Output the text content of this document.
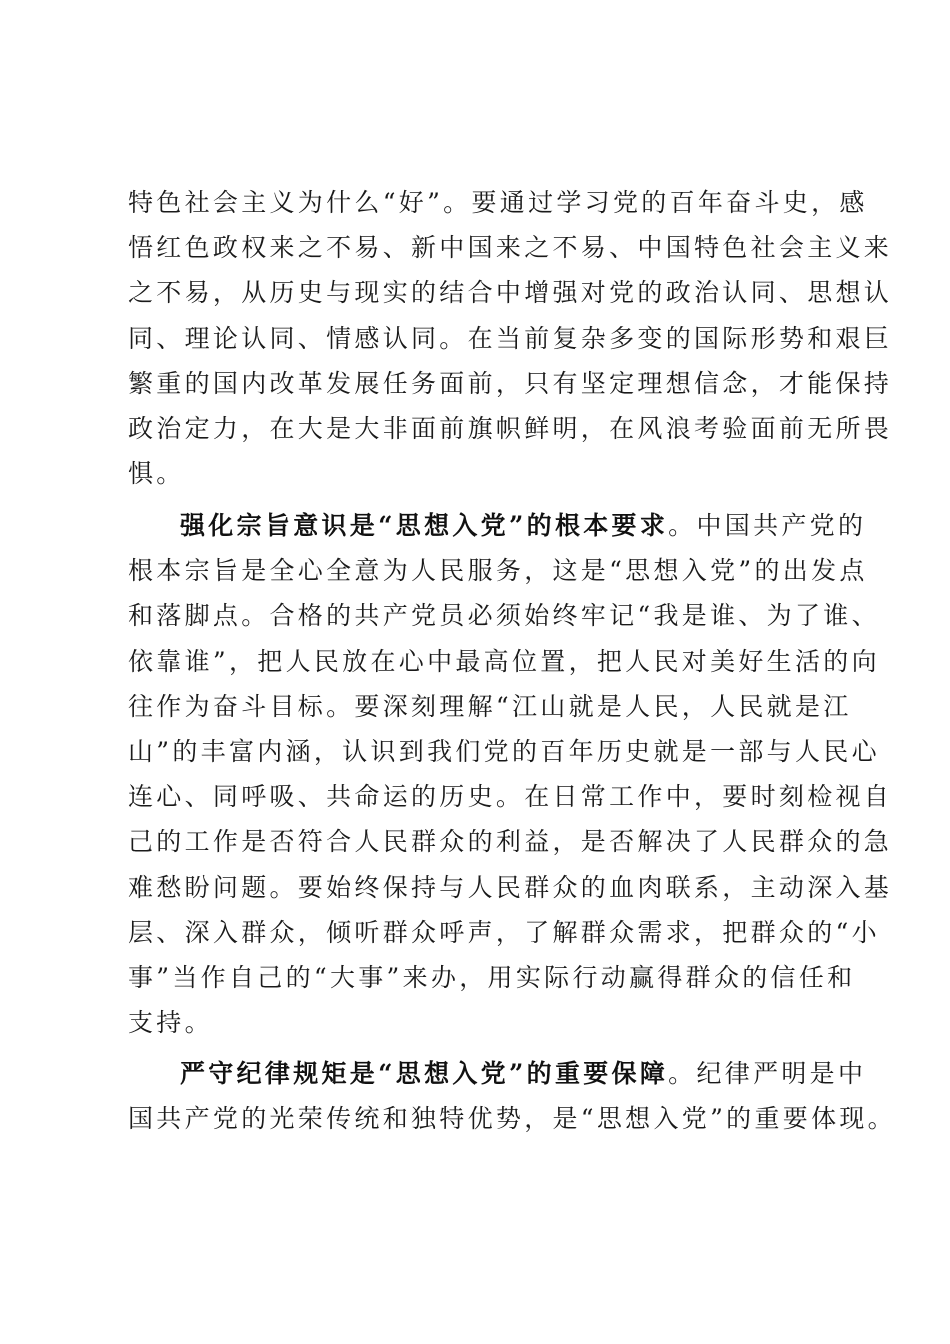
特色社会主义为什么“好”。要通过学习党的百年奋斗史，感
悟红色政权来之不易、新中国来之不易、中国特色社会主义来
之不易，从历史与现实的结合中增强对党的政治认同、思想认
同、理论认同、情感认同。在当前复杂多变的国际形势和艰巨
繁重的国内改革发展任务面前，只有坚定理想信念，才能保持
政治定力，在大是大非面前旗帜鲜明，在风浪考验面前无所畏
惧。

强化宗旨意识是“思想入党”的根本要求。中国共产党的
根本宗旨是全心全意为人民服务，这是“思想入党”的出发点
和落脚点。合格的共产党员必须始终牢记“我是谁、为了谁、
依靠谁”，把人民放在心中最高位置，把人民对美好生活的向
往作为奋斗目标。要深刻理解“江山就是人民，人民就是江
山”的丰富内涵，认识到我们党的百年历史就是一部与人民心
连心、同呼吸、共命运的历史。在日常工作中，要时刻检视自
己的工作是否符合人民群众的利益，是否解决了人民群众的急
难愁盼问题。要始终保持与人民群众的血肉联系，主动深入基
层、深入群众，倾听群众呼声，了解群众需求，把群众的“小
事”当作自己的“大事”来办，用实际行动赢得群众的信任和
支持。

严守纪律规矩是“思想入党”的重要保障。纪律严明是中
国共产党的光荣传统和独特优势，是“思想入党”的重要体现。
